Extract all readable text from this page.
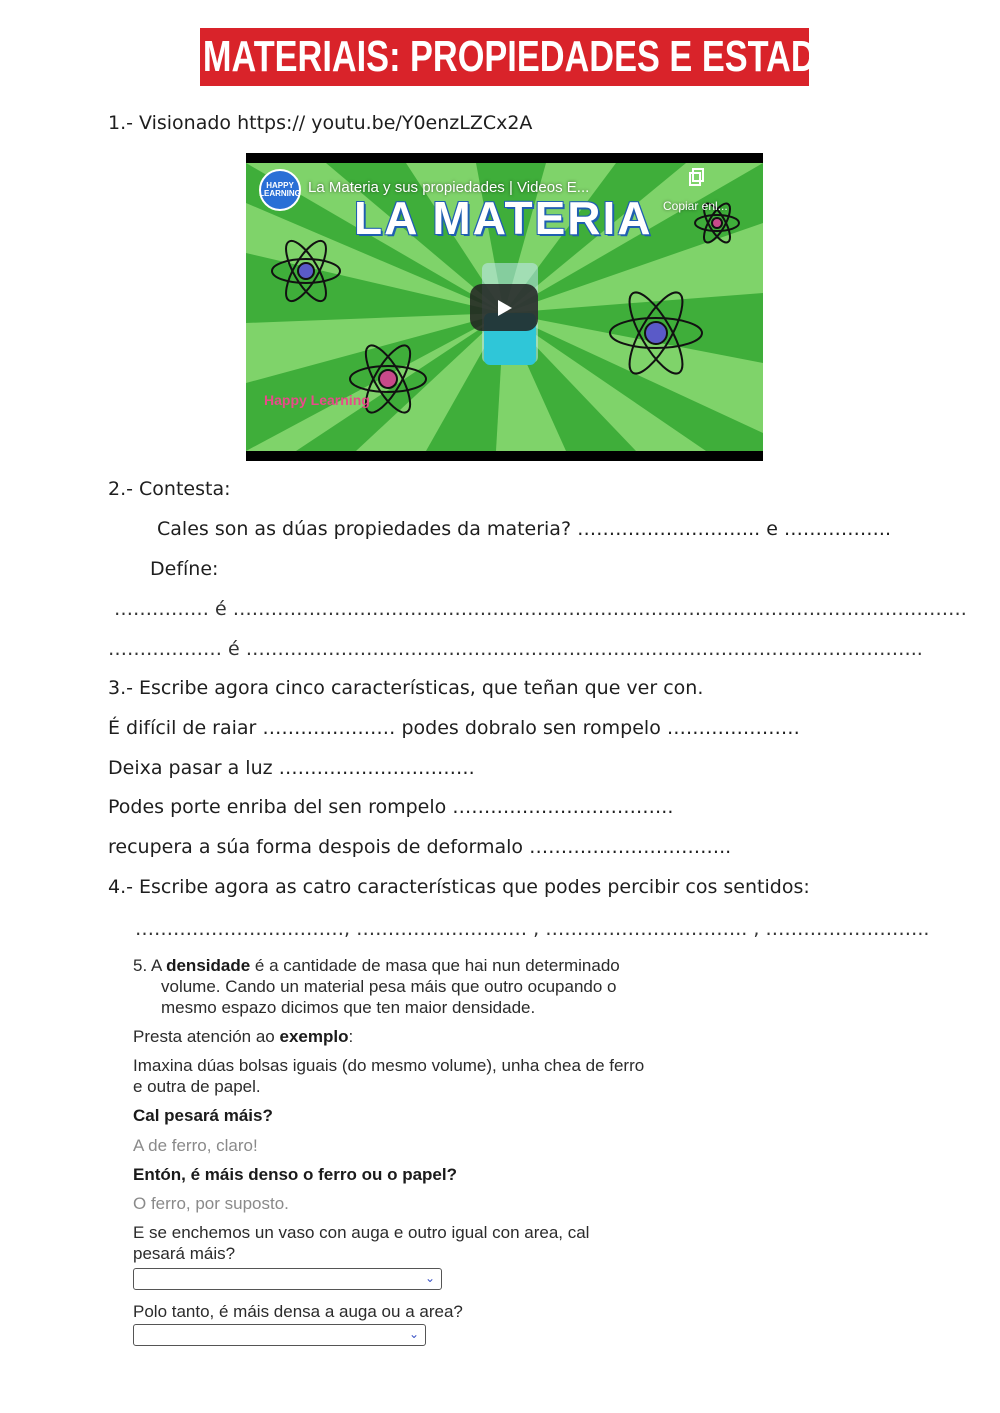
OS MATERIAIS: PROPIEDADES E ESTADOS
1.- Visionado https:// youtu.be/Y0enzLZCx2A
HAPPY LEARNING La Materia y sus propiedades | Videos E...
Copiar enl...
LA MATERIA
Happy Learning
2.- Contesta:
Cales son as dúas propiedades da materia? ……………………….. e ……………..
Defíne:
…………… é …………………………………………………………….……………………………………….
……………… é ……………………………………………………………………………………………..
3.- Escribe agora cinco características, que teñan que ver con.
É difícil de raiar ………………… podes dobralo sen rompelo …………………
Deixa pasar a luz ………………………….
Podes porte enriba del sen rompelo ……………………………..
recupera a súa forma despois de deformalo …………………………..
4.- Escribe agora as catro características que podes percibir cos sentidos:
……………………………, ……………………… , ………………………….. , ……………………..
5. A densidade é a cantidade de masa que hai nun determinado
volume. Cando un material pesa máis que outro ocupando o
mesmo espazo dicimos que ten maior densidade.
Presta atención ao exemplo:
Imaxina dúas bolsas iguais (do mesmo volume), unha chea de ferro
e outra de papel.
Cal pesará máis?
A de ferro, claro!
Entón, é máis denso o ferro ou o papel?
O ferro, por suposto.
E se enchemos un vaso con auga e outro igual con area, cal
pesará máis?
⌄
Polo tanto, é máis densa a auga ou a area?
⌄
